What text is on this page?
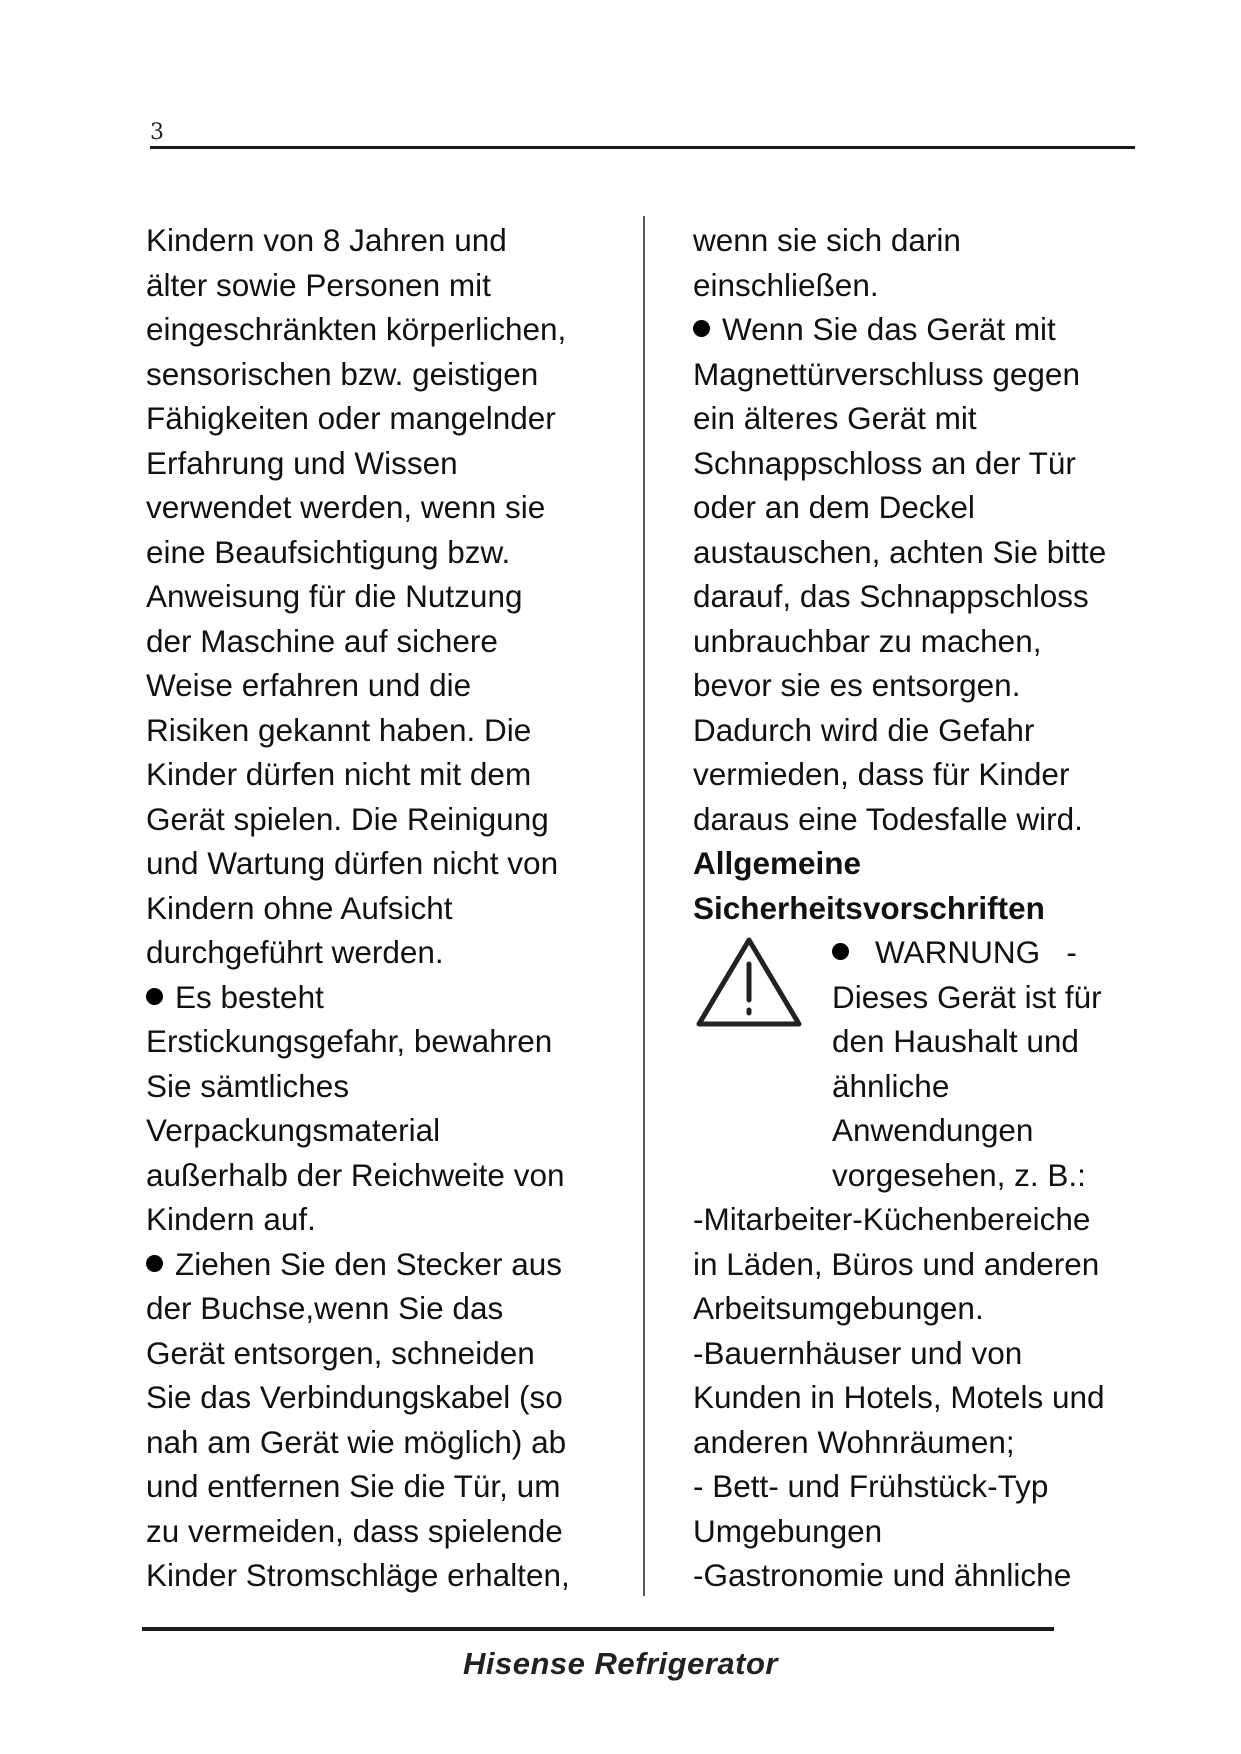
3
Kindern von 8 Jahren und
älter sowie Personen mit
eingeschränkten körperlichen,
sensorischen bzw. geistigen
Fähigkeiten oder mangelnder
Erfahrung und Wissen
verwendet werden, wenn sie
eine Beaufsichtigung bzw.
Anweisung für die Nutzung
der Maschine auf sichere
Weise erfahren und die
Risiken gekannt haben. Die
Kinder dürfen nicht mit dem
Gerät spielen. Die Reinigung
und Wartung dürfen nicht von
Kindern ohne Aufsicht
durchgeführt werden.
Es besteht
Erstickungsgefahr, bewahren
Sie sämtliches
Verpackungsmaterial
außerhalb der Reichweite von
Kindern auf.
Ziehen Sie den Stecker aus
der Buchse,wenn Sie das
Gerät entsorgen, schneiden
Sie das Verbindungskabel (so
nah am Gerät wie möglich) ab
und entfernen Sie die Tür, um
zu vermeiden, dass spielende
Kinder Stromschläge erhalten,
wenn sie sich darin
einschließen.
Wenn Sie das Gerät mit
Magnettürverschluss gegen
ein älteres Gerät mit
Schnappschloss an der Tür
oder an dem Deckel
austauschen, achten Sie bitte
darauf, das Schnappschloss
unbrauchbar zu machen,
bevor sie es entsorgen.
Dadurch wird die Gefahr
vermieden, dass für Kinder
daraus eine Todesfalle wird.
Allgemeine
Sicherheitsvorschriften
WARNUNG   -
Dieses Gerät ist für
den Haushalt und
ähnliche
Anwendungen
vorgesehen, z. B.:
-Mitarbeiter-Küchenbereiche
in Läden, Büros und anderen
Arbeitsumgebungen.
-Bauernhäuser und von
Kunden in Hotels, Motels und
anderen Wohnräumen;
- Bett- und Frühstück-Typ
Umgebungen
-Gastronomie und ähnliche
Hisense Refrigerator
